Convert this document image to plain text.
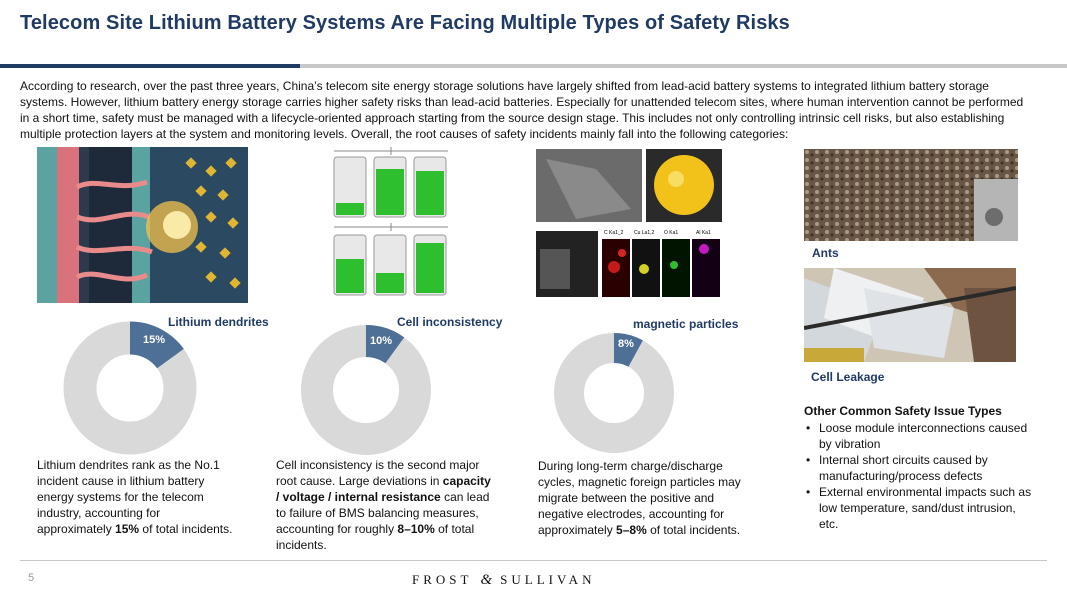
Telecom Site Lithium Battery Systems Are Facing Multiple Types of Safety Risks
According to research, over the past three years, China’s telecom site energy storage solutions have largely shifted from lead-acid battery systems to integrated lithium battery storage systems. However, lithium battery energy storage carries higher safety risks than lead-acid batteries. Especially for unattended telecom sites, where human intervention cannot be performed in a short time, safety must be managed with a lifecycle-oriented approach starting from the source design stage. This includes not only controlling intrinsic cell risks, but also establishing multiple protection layers at the system and monitoring levels. Overall, the root causes of safety incidents mainly fall into the following categories:
C Ka1_2 Cu La1,2 O Ka1	Al Ka1
Ants
Cell Leakage
Lithium dendrites
15%
Lithium dendrites rank as the No.1 incident cause in lithium battery energy systems for the telecom industry, accounting for approximately 15% of total incidents.
Cell inconsistency
10%
Cell inconsistency is the second major root cause. Large deviations in capacity / voltage / internal resistance can lead to failure of BMS balancing measures, accounting for roughly 8–10% of total incidents.
magnetic particles
8%
During long-term charge/discharge cycles, magnetic foreign particles may migrate between the positive and negative electrodes, accounting for approximately 5–8% of total incidents.
Other Common Safety Issue Types
• Loose module interconnections caused by vibration
• Internal short circuits caused by manufacturing/process defects
• External environmental impacts such as low temperature, sand/dust intrusion, etc.
5	FROST & SULLIVAN
